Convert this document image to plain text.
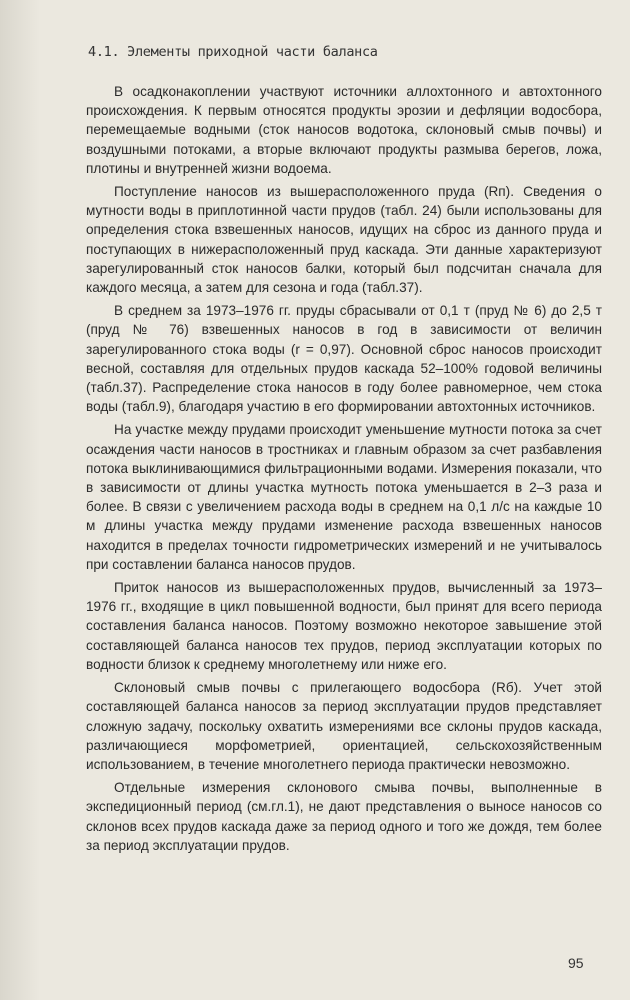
4.1. Элементы приходной части баланса

В осадконакоплении участвуют источники аллохтонного и автохтонного происхождения. К первым относятся продукты эрозии и дефляции водосбора, перемещаемые водными (сток наносов водотока, склоновый смыв почвы) и воздушными потоками, а вторые включают продукты размыва берегов, ложа, плотины и внутренней жизни водоема.

Поступление наносов из вышерасположенного пруда (Rп). Сведения о мутности воды в приплотинной части прудов (табл. 24) были использованы для определения стока взвешенных наносов, идущих на сброс из данного пруда и поступающих в нижерасположенный пруд каскада. Эти данные характеризуют зарегулированный сток наносов балки, который был подсчитан сначала для каждого месяца, а затем для сезона и года (табл.37).

В среднем за 1973–1976 гг. пруды сбрасывали от 0,1 т (пруд № 6) до 2,5 т (пруд № 76) взвешенных наносов в год в зависимости от величин зарегулированного стока воды (r = 0,97). Основной сброс наносов происходит весной, составляя для отдельных прудов каскада 52–100% годовой величины (табл.37). Распределение стока наносов в году более равномерное, чем стока воды (табл.9), благодаря участию в его формировании автохтонных источников.

На участке между прудами происходит уменьшение мутности потока за счет осаждения части наносов в тростниках и главным образом за счет разбавления потока выклинивающимися фильтрационными водами. Измерения показали, что в зависимости от длины участка мутность потока уменьшается в 2–3 раза и более. В связи с увеличением расхода воды в среднем на 0,1 л/с на каждые 10 м длины участка между прудами изменение расхода взвешенных наносов находится в пределах точности гидрометрических измерений и не учитывалось при составлении баланса наносов прудов.

Приток наносов из вышерасположенных прудов, вычисленный за 1973–1976 гг., входящие в цикл повышенной водности, был принят для всего периода составления баланса наносов. Поэтому возможно некоторое завышение этой составляющей баланса наносов тех прудов, период эксплуатации которых по водности близок к среднему многолетнему или ниже его.

Склоновый смыв почвы с прилегающего водосбора (Rб). Учет этой составляющей баланса наносов за период эксплуатации прудов представляет сложную задачу, поскольку охватить измерениями все склоны прудов каскада, различающиеся морфометрией, ориентацией, сельскохозяйственным использованием, в течение многолетнего периода практически невозможно.

Отдельные измерения склонового смыва почвы, выполненные в экспедиционный период (см.гл.1), не дают представления о выносе наносов со склонов всех прудов каскада даже за период одного и того же дождя, тем более за период эксплуатации прудов.

95
